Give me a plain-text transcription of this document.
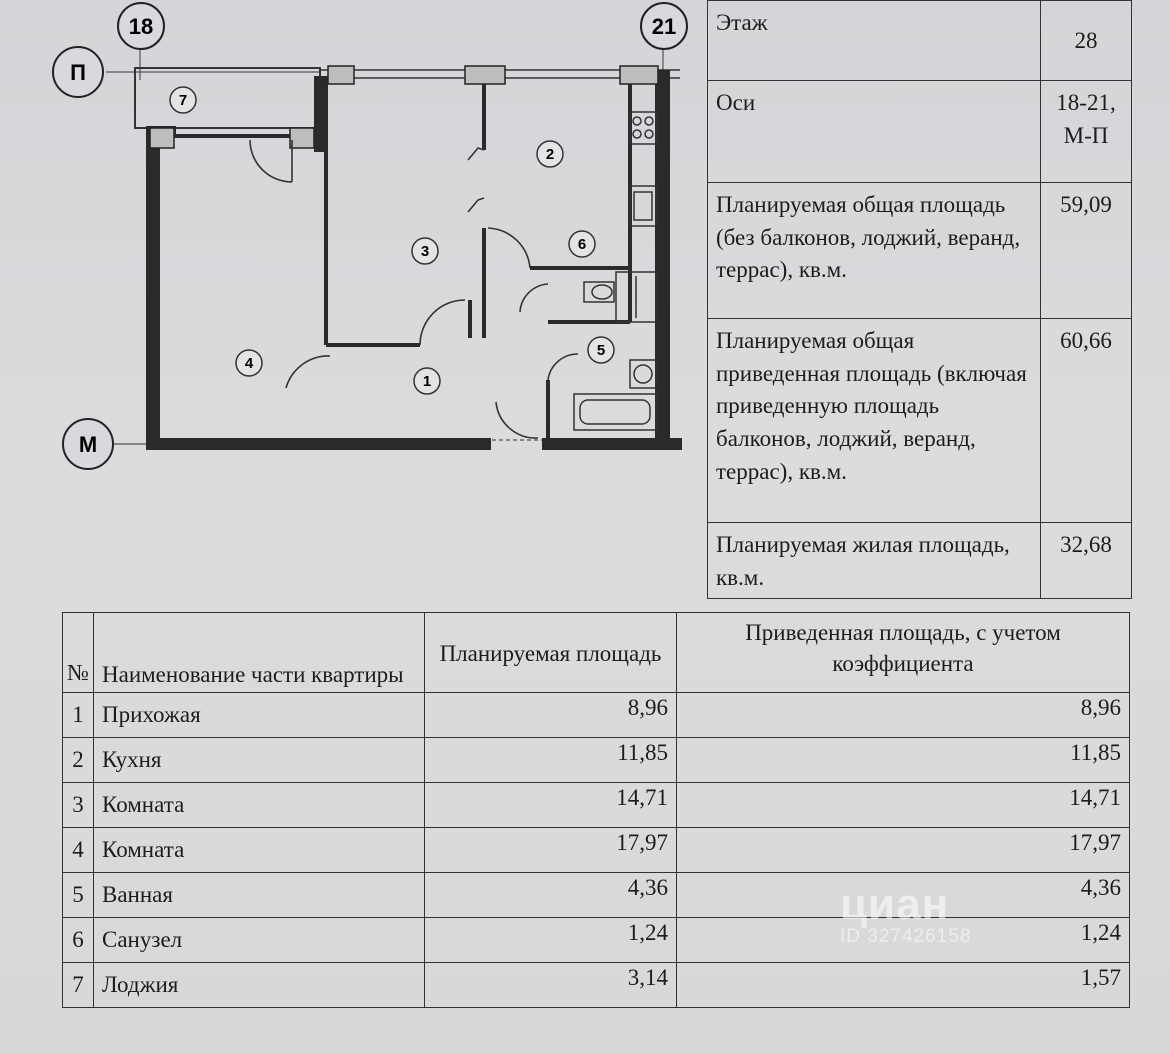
18	21
П
М
1
2
3
4
5
6
7
Этаж	28
Оси	18-21, М-П
Планируемая общая площадь (без балконов, лоджий, веранд, террас), кв.м.	59,09
Планируемая общая приведенная площадь (включая приведенную площадь балконов, лоджий, веранд, террас), кв.м.	60,66
Планируемая жилая площадь, кв.м.	32,68
№	Наименование части квартиры	Планируемая площадь	Приведенная площадь, с учетом коэффициента
1	Прихожая	8,96	8,96
2	Кухня	11,85	11,85
3	Комната	14,71	14,71
4	Комната	17,97	17,97
5	Ванная	4,36	4,36
6	Санузел	1,24	1,24
7	Лоджия	3,14	1,57
циан
ID 327426158
